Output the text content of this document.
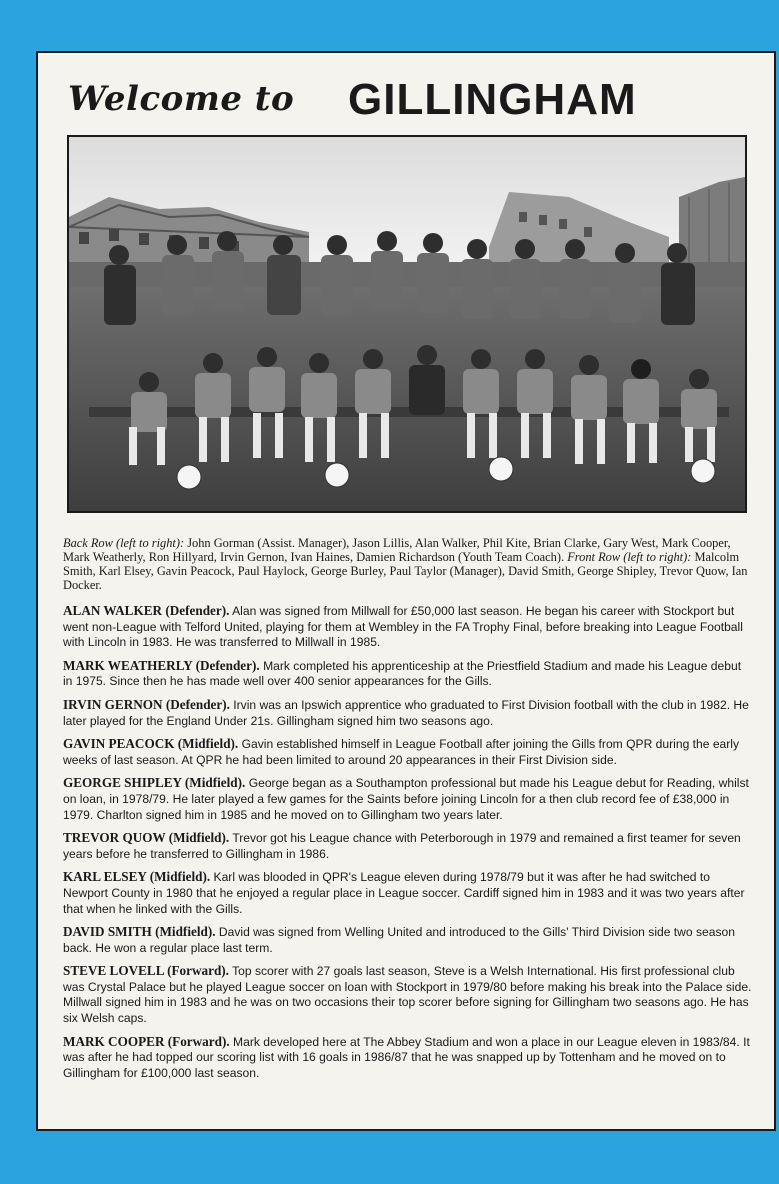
Welcome to GILLINGHAM

Back Row (left to right): John Gorman (Assist. Manager), Jason Lillis, Alan Walker, Phil Kite, Brian Clarke, Gary West, Mark Cooper, Mark Weatherly, Ron Hillyard, Irvin Gernon, Ivan Haines, Damien Richardson (Youth Team Coach). Front Row (left to right): Malcolm Smith, Karl Elsey, Gavin Peacock, Paul Haylock, George Burley, Paul Taylor (Manager), David Smith, George Shipley, Trevor Quow, Ian Docker.

ALAN WALKER (Defender). Alan was signed from Millwall for £50,000 last season. He began his career with Stockport but went non-League with Telford United, playing for them at Wembley in the FA Trophy Final, before breaking into League Football with Lincoln in 1983. He was transferred to Millwall in 1985.

MARK WEATHERLY (Defender). Mark completed his apprenticeship at the Priestfield Stadium and made his League debut in 1975. Since then he has made well over 400 senior appearances for the Gills.

IRVIN GERNON (Defender). Irvin was an Ipswich apprentice who graduated to First Division football with the club in 1982. He later played for the England Under 21s. Gillingham signed him two seasons ago.

GAVIN PEACOCK (Midfield). Gavin established himself in League Football after joining the Gills from QPR during the early weeks of last season. At QPR he had been limited to around 20 appearances in their First Division side.

GEORGE SHIPLEY (Midfield). George began as a Southampton professional but made his League debut for Reading, whilst on loan, in 1978/79. He later played a few games for the Saints before joining Lincoln for a then club record fee of £38,000 in 1979. Charlton signed him in 1985 and he moved on to Gillingham two years later.

TREVOR QUOW (Midfield). Trevor got his League chance with Peterborough in 1979 and remained a first teamer for seven years before he transferred to Gillingham in 1986.

KARL ELSEY (Midfield). Karl was blooded in QPR's League eleven during 1978/79 but it was after he had switched to Newport County in 1980 that he enjoyed a regular place in League soccer. Cardiff signed him in 1983 and it was two years after that when he linked with the Gills.

DAVID SMITH (Midfield). David was signed from Welling United and introduced to the Gills' Third Division side two season back. He won a regular place last term.

STEVE LOVELL (Forward). Top scorer with 27 goals last season, Steve is a Welsh International. His first professional club was Crystal Palace but he played League soccer on loan with Stockport in 1979/80 before making his break into the Palace side. Millwall signed him in 1983 and he was on two occasions their top scorer before signing for Gillingham two seasons ago. He has six Welsh caps.

MARK COOPER (Forward). Mark developed here at The Abbey Stadium and won a place in our League eleven in 1983/84. It was after he had topped our scoring list with 16 goals in 1986/87 that he was snapped up by Tottenham and he moved on to Gillingham for £100,000 last season.
